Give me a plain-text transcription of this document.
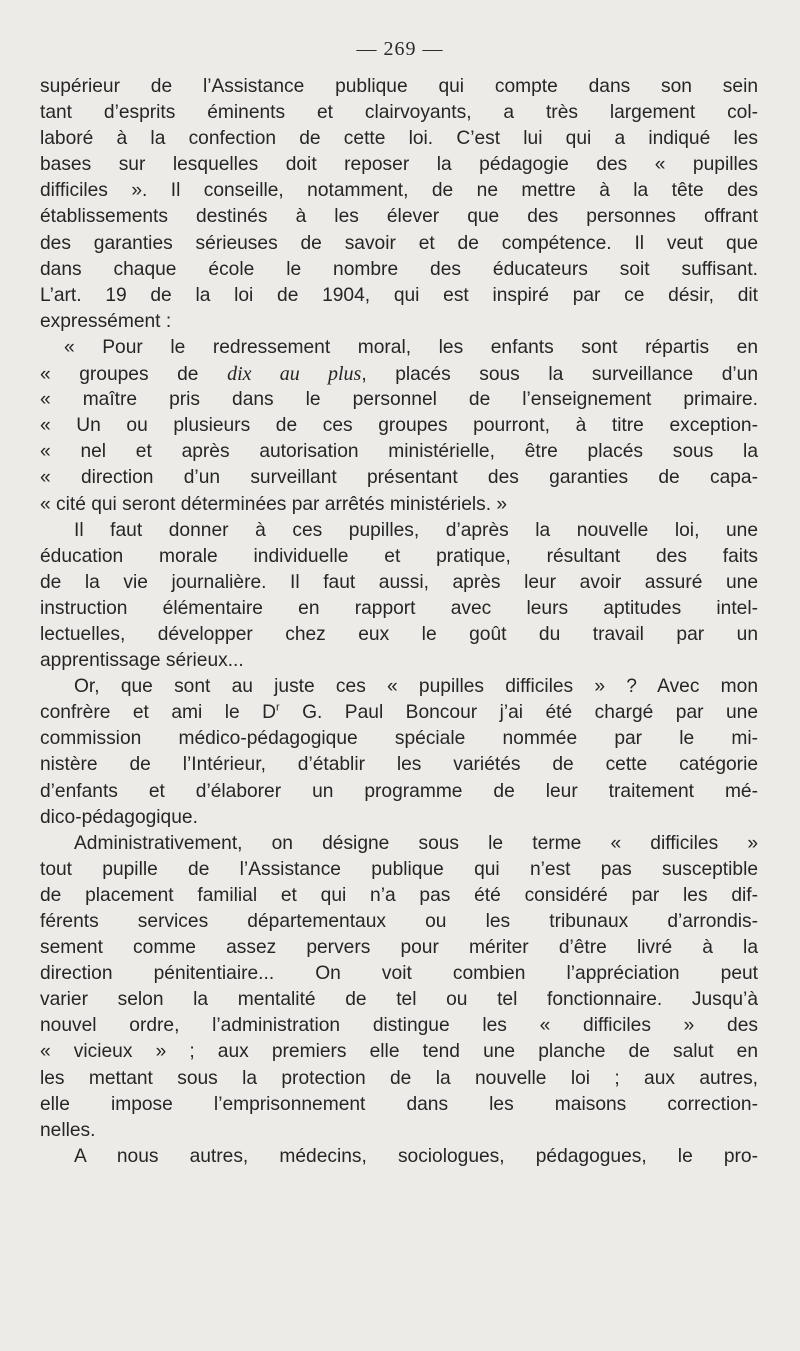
— 269 —
supérieur de l’Assistance publique qui compte dans son sein
tant d’esprits éminents et clairvoyants, a très largement col-
laboré à la confection de cette loi. C’est lui qui a indiqué les
bases sur lesquelles doit reposer la pédagogie des « pupilles
difficiles ». Il conseille, notamment, de ne mettre à la tête des
établissements destinés à les élever que des personnes offrant
des garanties sérieuses de savoir et de compétence. Il veut que
dans chaque école le nombre des éducateurs soit suffisant.
L’art. 19 de la loi de 1904, qui est inspiré par ce désir, dit
expressément :
« Pour le redressement moral, les enfants sont répartis en
« groupes de dix au plus, placés sous la surveillance d’un
« maître pris dans le personnel de l’enseignement primaire.
« Un ou plusieurs de ces groupes pourront, à titre exception-
« nel et après autorisation ministérielle, être placés sous la
« direction d’un surveillant présentant des garanties de capa-
« cité qui seront déterminées par arrêtés ministériels. »
Il faut donner à ces pupilles, d’après la nouvelle loi, une
éducation morale individuelle et pratique, résultant des faits
de la vie journalière. Il faut aussi, après leur avoir assuré une
instruction élémentaire en rapport avec leurs aptitudes intel-
lectuelles, développer chez eux le goût du travail par un
apprentissage sérieux...
Or, que sont au juste ces « pupilles difficiles » ? Avec mon
confrère et ami le $D^r$ G. Paul Boncour j’ai été chargé par une
commission médico-pédagogique spéciale nommée par le mi-
nistère de l’Intérieur, d’établir les variétés de cette catégorie
d’enfants et d’élaborer un programme de leur traitement mé-
dico-pédagogique.
Administrativement, on désigne sous le terme « difficiles »
tout pupille de l’Assistance publique qui n’est pas susceptible
de placement familial et qui n’a pas été considéré par les dif-
férents services départementaux ou les tribunaux d’arrondis-
sement comme assez pervers pour mériter d’être livré à la
direction pénitentiaire... On voit combien l’appréciation peut
varier selon la mentalité de tel ou tel fonctionnaire. Jusqu’à
nouvel ordre, l’administration distingue les « difficiles » des
« vicieux » ; aux premiers elle tend une planche de salut en
les mettant sous la protection de la nouvelle loi ; aux autres,
elle impose l’emprisonnement dans les maisons correction-
nelles.
A nous autres, médecins, sociologues, pédagogues, le pro-
